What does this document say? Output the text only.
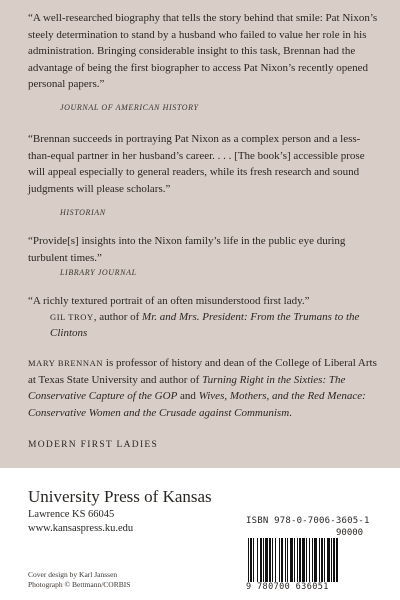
“A well-researched biography that tells the story behind that smile: Pat Nixon’s steely determination to stand by a husband who failed to value her role in his administration. Bringing considerable insight to this task, Brennan had the advantage of being the first biographer to access Pat Nixon’s recently opened personal papers.”

JOURNAL OF AMERICAN HISTORY

“Brennan succeeds in portraying Pat Nixon as a complex person and a less-than-equal partner in her husband’s career. . . . [The book’s] accessible prose will appeal especially to general readers, while its fresh research and sound judgments will please scholars.”

HISTORIAN

“Provide[s] insights into the Nixon family’s life in the public eye during turbulent times.”

LIBRARY JOURNAL

“A richly textured portrait of an often misunderstood first lady.”

GIL TROY, author of Mr. and Mrs. President: From the Trumans to the Clintons

MARY BRENNAN is professor of history and dean of the College of Liberal Arts at Texas State University and author of Turning Right in the Sixties: The Conservative Capture of the GOP and Wives, Mothers, and the Red Menace: Conservative Women and the Crusade against Communism.

MODERN FIRST LADIES
University Press of Kansas
Lawrence KS 66045
www.kansaspress.ku.edu
Cover design by Karl Janssen
Photograph © Bettmann/CORBIS
ISBN 978-0-7006-3605-1
90000
9 780700 636051
